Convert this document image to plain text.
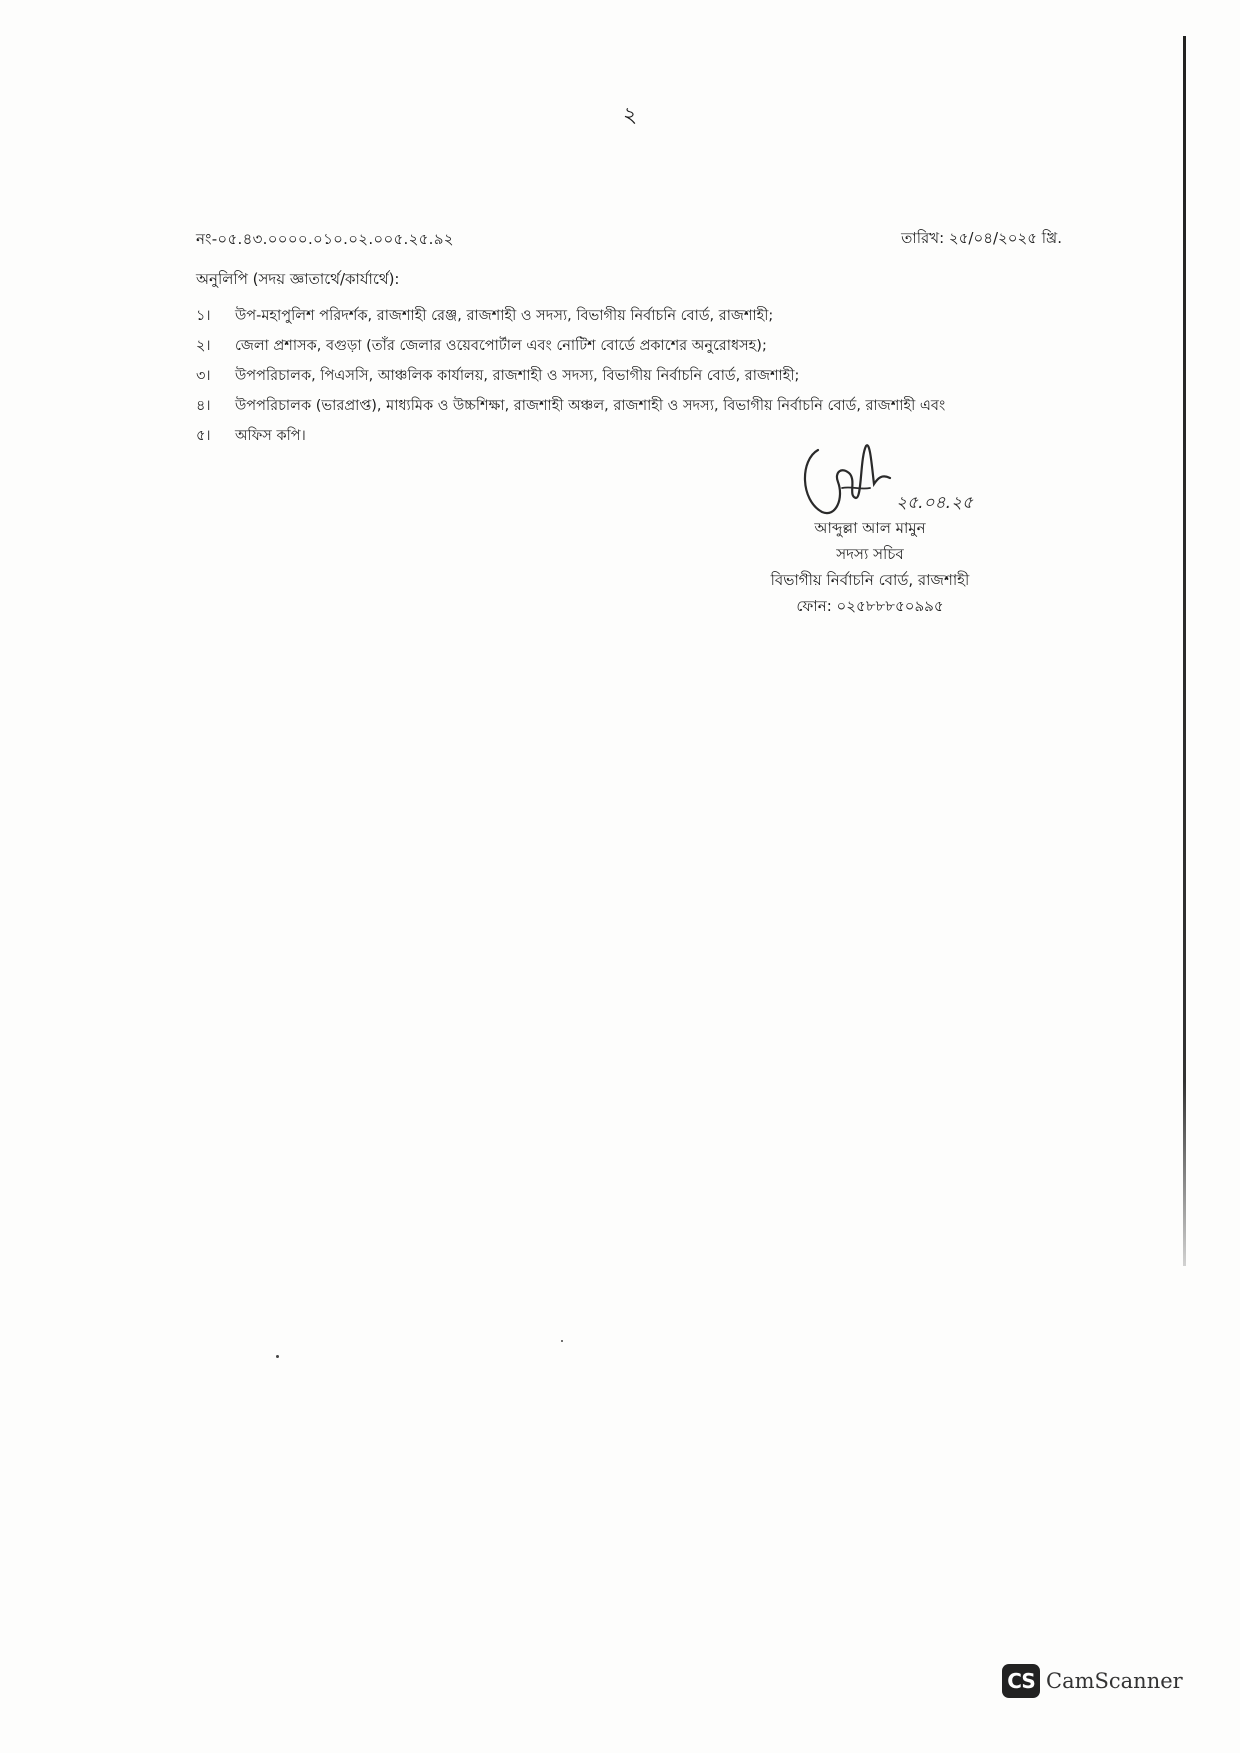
২
নং-০৫.৪৩.০০০০.০১০.০২.০০৫.২৫.৯২	তারিখ: ২৫/০৪/২০২৫ খ্রি.
অনুলিপি (সদয় জ্ঞাতার্থে/কার্যার্থে):
১।	উপ-মহাপুলিশ পরিদর্শক, রাজশাহী রেঞ্জ, রাজশাহী ও সদস্য, বিভাগীয় নির্বাচনি বোর্ড, রাজশাহী;
২।	জেলা প্রশাসক, বগুড়া (তাঁর জেলার ওয়েবপোর্টাল এবং নোটিশ বোর্ডে প্রকাশের অনুরোধসহ);
৩।	উপপরিচালক, পিএসসি, আঞ্চলিক কার্যালয়, রাজশাহী ও সদস্য, বিভাগীয় নির্বাচনি বোর্ড, রাজশাহী;
৪।	উপপরিচালক (ভারপ্রাপ্ত), মাধ্যমিক ও উচ্চশিক্ষা, রাজশাহী অঞ্চল, রাজশাহী ও সদস্য, বিভাগীয় নির্বাচনি বোর্ড, রাজশাহী এবং
৫।	অফিস কপি।
২৫.০৪.২৫
আব্দুল্লা আল মামুন
সদস্য সচিব
বিভাগীয় নির্বাচনি বোর্ড, রাজশাহী
ফোন: ০২৫৮৮৮৫০৯৯৫
CS CamScanner
